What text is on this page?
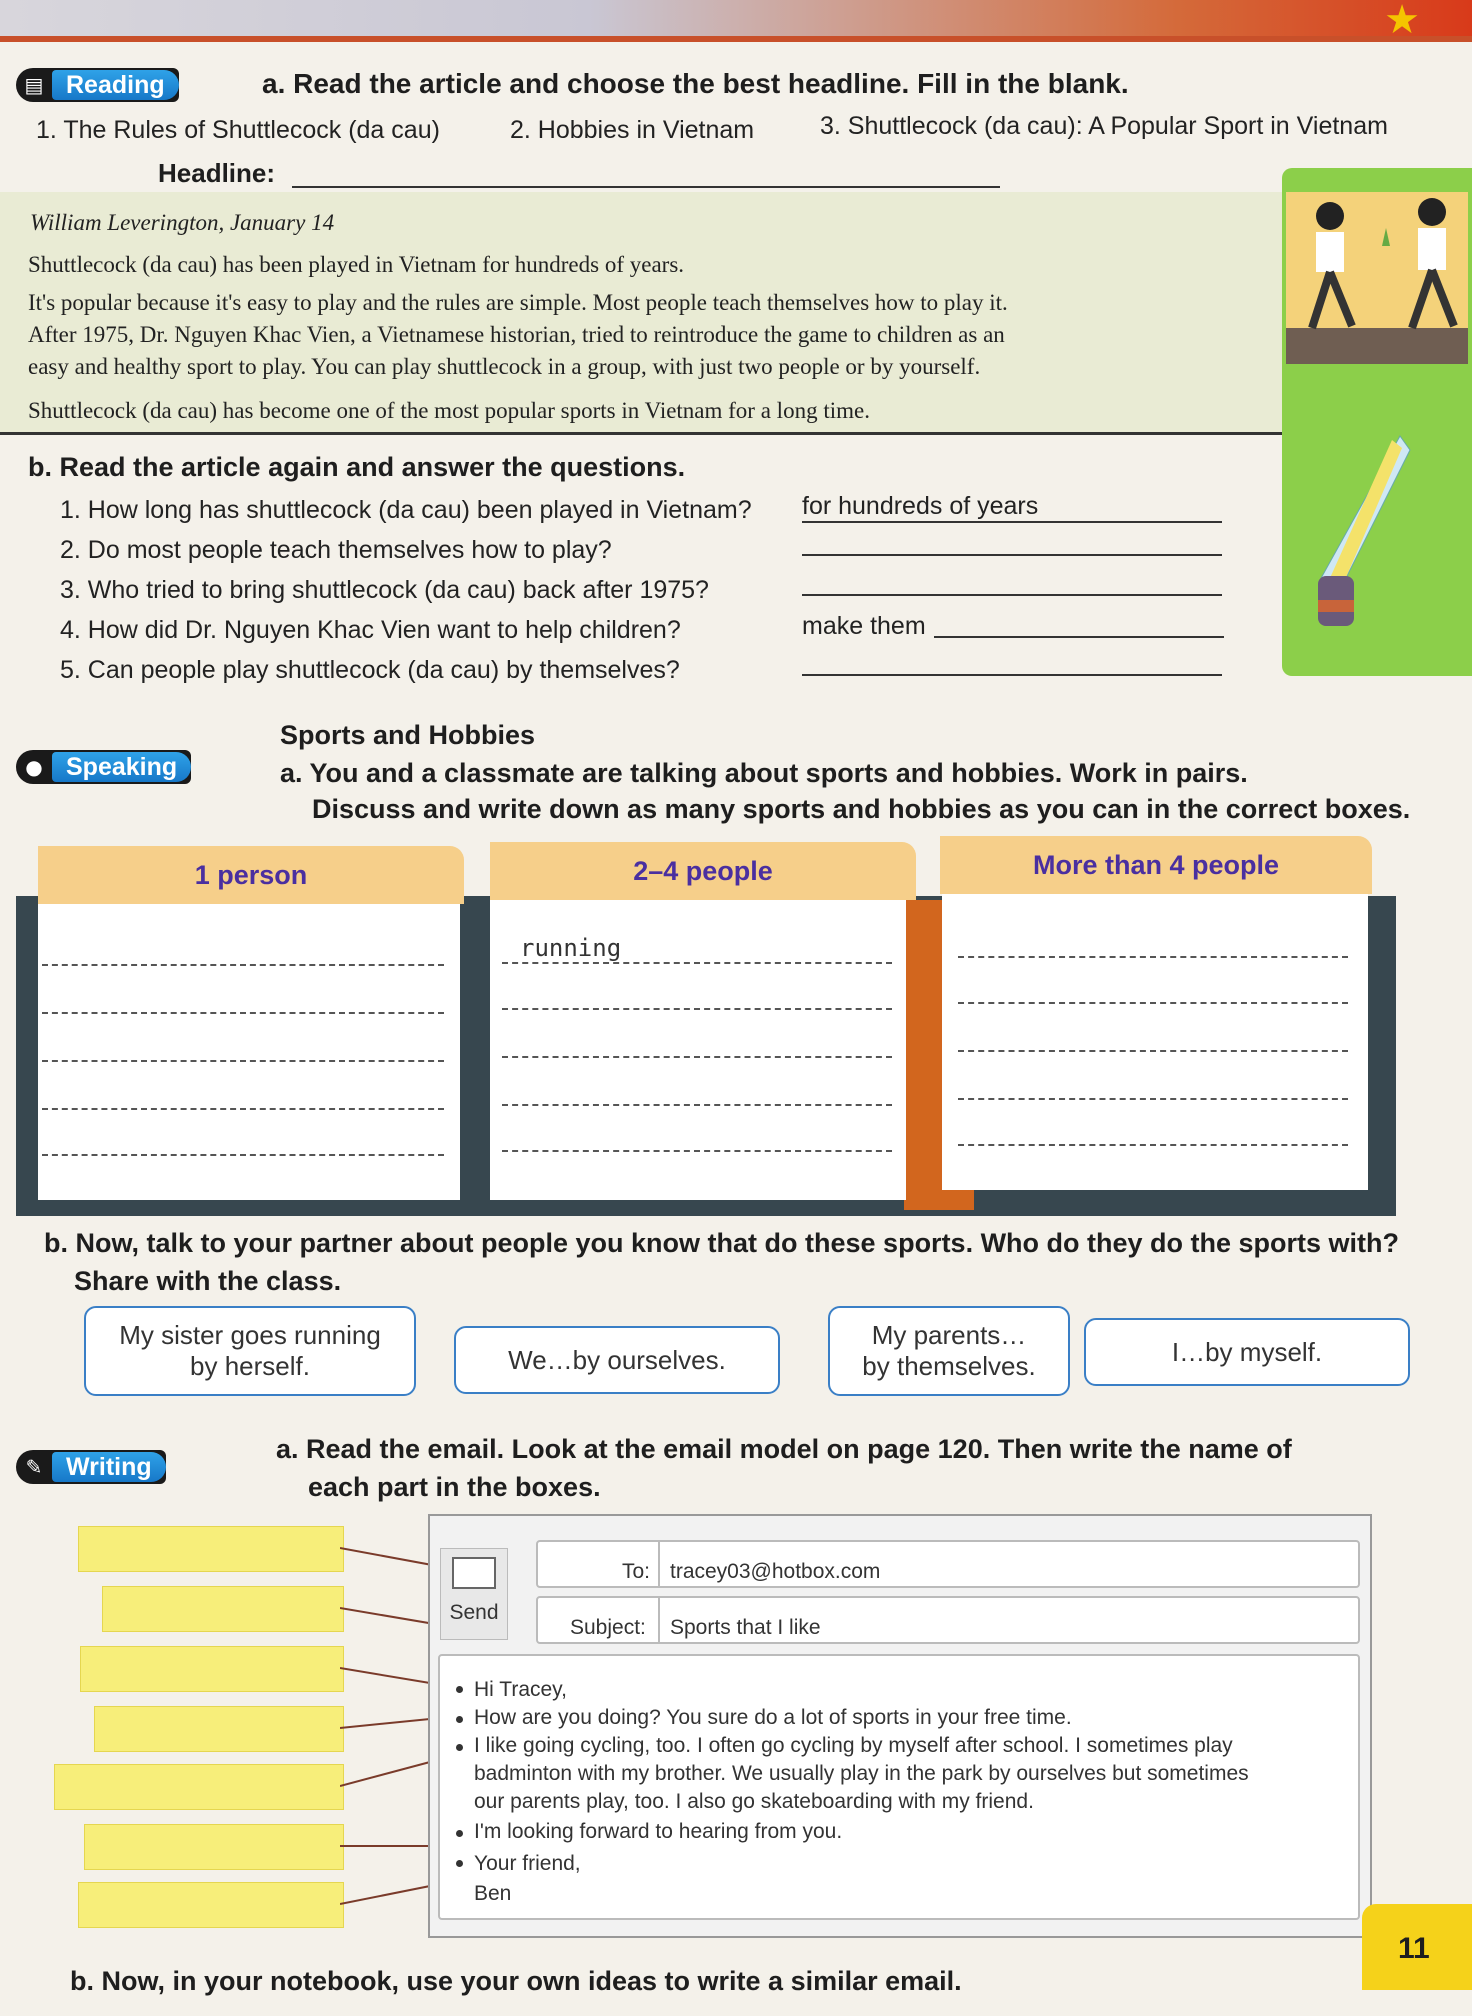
★
▤ Reading	a. Read the article and choose the best headline. Fill in the blank.
1. The Rules of Shuttlecock (da cau)	2. Hobbies in Vietnam	3. Shuttlecock (da cau): A Popular Sport in Vietnam
Headline:
William Leverington, January 14
Shuttlecock (da cau) has been played in Vietnam for hundreds of years.
It's popular because it's easy to play and the rules are simple. Most people teach themselves how to play it.
After 1975, Dr. Nguyen Khac Vien, a Vietnamese historian, tried to reintroduce the game to children as an
easy and healthy sport to play. You can play shuttlecock in a group, with just two people or by yourself.
Shuttlecock (da cau) has become one of the most popular sports in Vietnam for a long time.
b. Read the article again and answer the questions.
1. How long has shuttlecock (da cau) been played in Vietnam? for hundreds of years
2. Do most people teach themselves how to play?
3. Who tried to bring shuttlecock (da cau) back after 1975?
4. How did Dr. Nguyen Khac Vien want to help children?	make them
5. Can people play shuttlecock (da cau) by themselves?
Sports and Hobbies
● Speaking	a. You and a classmate are talking about sports and hobbies. Work in pairs.
Discuss and write down as many sports and hobbies as you can in the correct boxes.
1 person	2–4 people	More than 4 people
running
b. Now, talk to your partner about people you know that do these sports. Who do they do the sports with?
Share with the class.
My sister goes running
by herself.	We…by ourselves.
My parents…
by themselves.	I…by myself.
✎ Writing
a. Read the email. Look at the email model on page 120. Then write the name of
each part in the boxes.
Send
To: tracey03@hotbox.com
Subject: Sports that I like
Hi Tracey,
How are you doing? You sure do a lot of sports in your free time.
I like going cycling, too. I often go cycling by myself after school. I sometimes play
badminton with my brother. We usually play in the park by ourselves but sometimes
our parents play, too. I also go skateboarding with my friend.
I'm looking forward to hearing from you.
Your friend,
Ben
b. Now, in your notebook, use your own ideas to write a similar email.
11
